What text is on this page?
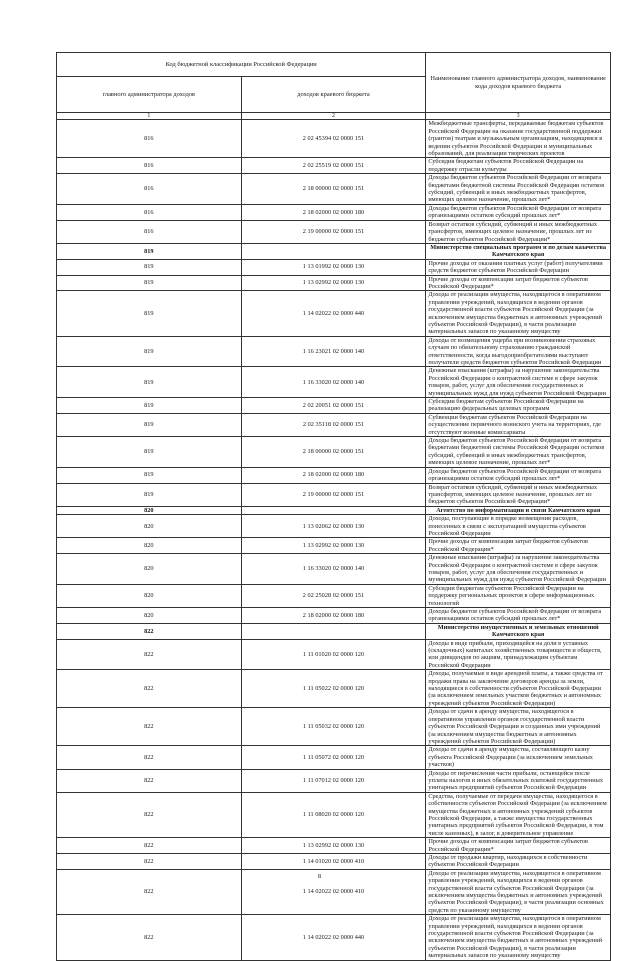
Код бюджетной классификации Российской Федерации		Наименование главного администратора доходов, наименование кода доходов краевого бюджета
главного администратора доходов	доходов краевого бюджета	
1	2	3
816	2 02 45394 02 0000 151	Межбюджетные трансферты, передаваемые бюджетам субъектов Российской Федерации на оказание государственной поддержки (грантов) театрам и музыкальным организациям, находящимся в ведении субъектов Российской Федерации и муниципальных образований, для реализации творческих проектов
816	2 02 25519 02 0000 151	Субсидия бюджетам субъектов Российской Федерации на поддержку отрасли культуры
816	2 18 00000 02 0000 151	Доходы бюджетов субъектов Российской Федерации от возврата бюджетами бюджетной системы Российской Федерации остатков субсидий, субвенций и иных межбюджетных трансфертов, имеющих целевое назначение, прошлых лет*
816	2 18 02000 02 0000 180	Доходы бюджетов субъектов Российской Федерации от возврата организациями остатков субсидий прошлых лет*
816	2 19 00000 02 0000 151	Возврат остатков субсидий, субвенций и иных межбюджетных трансфертов, имеющих целевое назначение, прошлых лет из бюджетов субъектов Российской Федерации*
819		Министерство специальных программ и по делам казачества Камчатского края
819	1 13 01992 02 0000 130	Прочие доходы от оказания платных услуг (работ) получателями средств бюджетов субъектов Российской Федерации
819	1 13 02992 02 0000 130	Прочие доходы от компенсации затрат бюджетов субъектов Российской Федерации*
819	1 14 02022 02 0000 440	Доходы от реализации имущества, находящегося в оперативном управлении учреждений, находящихся в ведении органов государственной власти субъектов Российской Федерации (за исключением имущества бюджетных и автономных учреждений субъектов Российской Федерации), в части реализации материальных запасов по указанному имуществу
819	1 16 23021 02 0000 140	Доходы от возмещения ущерба при возникновении страховых случаев по обязательному страхованию гражданской ответственности, когда выгодоприобретателями выступают получатели средств бюджетов субъектов Российской Федерации
819	1 16 33020 02 0000 140	Денежные взыскания (штрафы) за нарушение законодательства Российской Федерации о контрактной системе в сфере закупок товаров, работ, услуг для обеспечения государственных и муниципальных нужд для нужд субъектов Российской Федерации
819	2 02 20051 02 0000 151	Субсидии бюджетам субъектов Российской Федерации на реализацию федеральных целевых программ
819	2 02 35118 02 0000 151	Субвенции бюджетам субъектов Российской Федерации на осуществление первичного воинского учета на территориях, где отсутствуют военные комиссариаты
819	2 18 00000 02 0000 151	Доходы бюджетов субъектов Российской Федерации от возврата бюджетами бюджетной системы Российской Федерации остатков субсидий, субвенций и иных межбюджетных трансфертов, имеющих целевое назначение, прошлых лет*
819	2 18 02000 02 0000 180	Доходы бюджетов субъектов Российской Федерации от возврата организациями остатков субсидий прошлых лет*
819	2 19 00000 02 0000 151	Возврат остатков субсидий, субвенций и иных межбюджетных трансфертов, имеющих целевое назначение, прошлых лет из бюджетов субъектов Российской Федерации*
820		Агентство по информатизации и связи Камчатского края
820	1 13 02062 02 0000 130	Доходы, поступающие в порядке возмещения расходов, понесенных в связи с эксплуатацией имущества субъектов Российской Федерации
820	1 13 02992 02 0000 130	Прочие доходы от компенсации затрат бюджетов субъектов Российской Федерации*
820	1 16 33020 02 0000 140	Денежные взыскания (штрафы) за нарушение законодательства Российской Федерации о контрактной системе в сфере закупок товаров, работ, услуг для обеспечения государственных и муниципальных нужд для нужд субъектов Российской Федерации
820	2 02 25028 02 0000 151	Субсидии бюджетам субъектов Российской Федерации на поддержку региональных проектов в сфере информационных технологий
820	2 18 02000 02 0000 180	Доходы бюджетов субъектов Российской Федерации от возврата организациями остатков субсидий прошлых лет*
822		Министерство имущественных и земельных отношений Камчатского края
822	1 11 01020 02 0000 120	Доходы в виде прибыли, приходящейся на доли в уставных (складочных) капиталах хозяйственных товариществ и обществ, или дивидендов по акциям, принадлежащим субъектам Российской Федерации
822	1 11 05022 02 0000 120	Доходы, получаемые в виде арендной платы, а также средства от продажи права на заключение договоров аренды за земли, находящиеся в собственности субъектов Российской Федерации (за исключением земельных участков бюджетных и автономных учреждений субъектов Российской Федерации)
822	1 11 05032 02 0000 120	Доходы от сдачи в аренду имущества, находящегося в оперативном управлении органов государственной власти субъектов Российской Федерации и созданных ими учреждений (за исключением имущества бюджетных и автономных учреждений субъектов Российской Федерации)
822	1 11 05072 02 0000 120	Доходы от сдачи в аренду имущества, составляющего казну субъекта Российской Федерации (за исключением земельных участков)
822	1 11 07012 02 0000 120	Доходы от перечисления части прибыли, остающейся после уплаты налогов и иных обязательных платежей государственных унитарных предприятий субъектов Российской Федерации
822	1 11 08020 02 0000 120	Средства, получаемые от передачи имущества, находящегося в собственности субъектов Российской Федерации (за исключением имущества бюджетных и автономных учреждений субъектов Российской Федерации, а также имущества государственных унитарных предприятий субъектов Российской Федерации, в том числе казенных), в залог, в доверительное управление
822	1 13 02992 02 0000 130	Прочие доходы от компенсации затрат бюджетов субъектов Российской Федерации*
822	1 14 01020 02 0000 410	Доходы от продажи квартир, находящихся в собственности субъектов Российской Федерации
822	1 14 02022 02 0000 410	Доходы от реализации имущества, находящегося в оперативном управлении учреждений, находящихся в ведении органов государственной власти субъектов Российской Федерации (за исключением имущества бюджетных и автономных учреждений субъектов Российской Федерации), в части реализации основных средств по указанному имуществу
822	1 14 02022 02 0000 440	Доходы от реализации имущества, находящегося в оперативном управлении учреждений, находящихся в ведении органов государственной власти субъектов Российской Федерации (за исключением имущества бюджетных и автономных учреждений субъектов Российской Федерации), в части реализации материальных запасов по указанному имуществу
8
